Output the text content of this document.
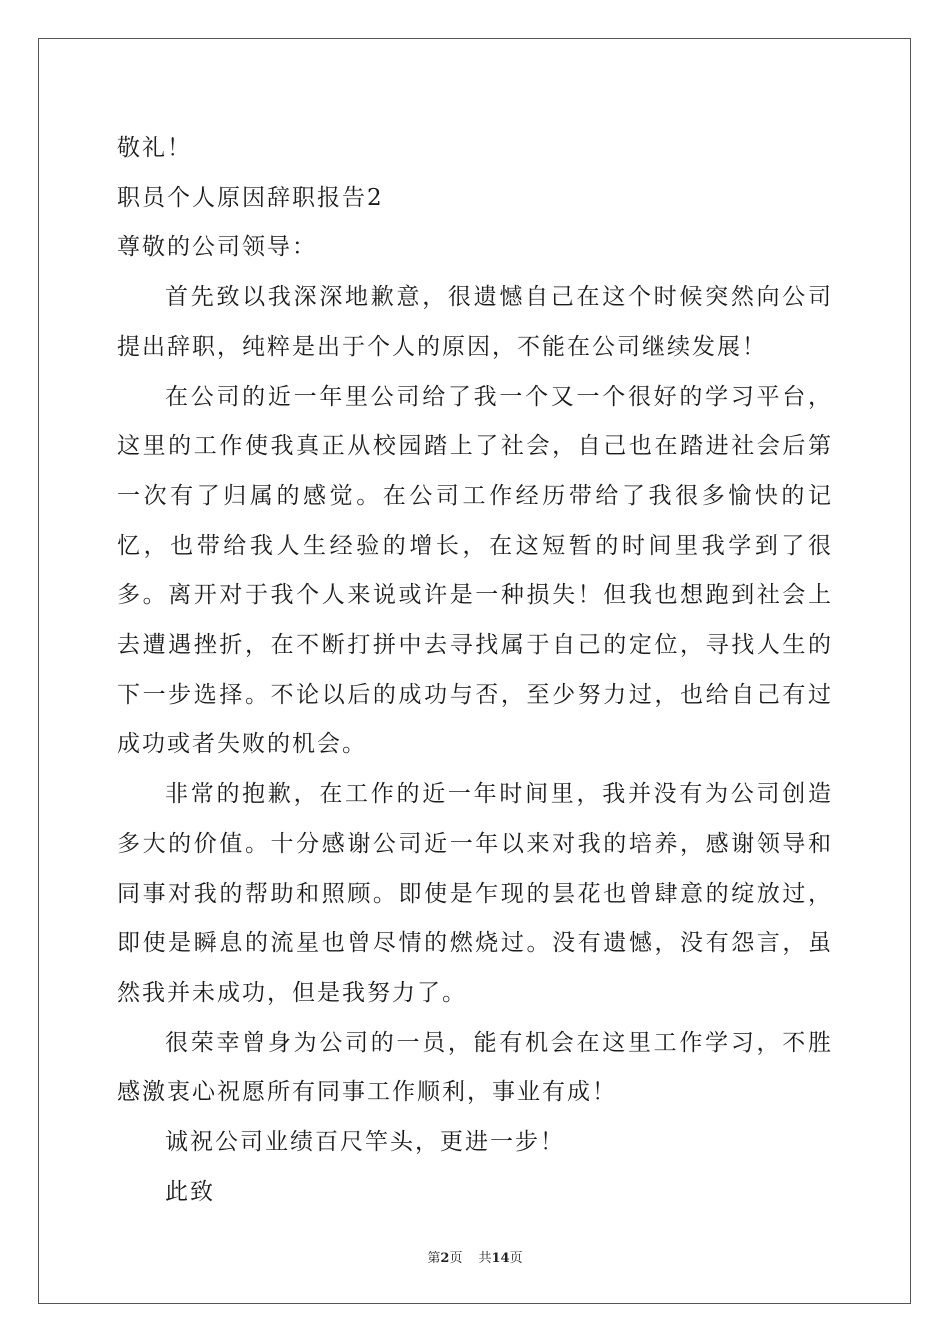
敬礼！

职员个人原因辞职报告2

尊敬的公司领导：

首先致以我深深地歉意，很遗憾自己在这个时候突然向公司提出辞职，纯粹是出于个人的原因，不能在公司继续发展！

在公司的近一年里公司给了我一个又一个很好的学习平台，这里的工作使我真正从校园踏上了社会，自己也在踏进社会后第一次有了归属的感觉。在公司工作经历带给了我很多愉快的记忆，也带给我人生经验的增长，在这短暂的时间里我学到了很多。离开对于我个人来说或许是一种损失！但我也想跑到社会上去遭遇挫折，在不断打拼中去寻找属于自己的定位，寻找人生的下一步选择。不论以后的成功与否，至少努力过，也给自己有过成功或者失败的机会。

非常的抱歉，在工作的近一年时间里，我并没有为公司创造多大的价值。十分感谢公司近一年以来对我的培养，感谢领导和同事对我的帮助和照顾。即使是乍现的昙花也曾肆意的绽放过，即使是瞬息的流星也曾尽情的燃烧过。没有遗憾，没有怨言，虽然我并未成功，但是我努力了。

很荣幸曾身为公司的一员，能有机会在这里工作学习，不胜感激衷心祝愿所有同事工作顺利，事业有成！

诚祝公司业绩百尺竿头，更进一步！

此致

第2页 共14页
